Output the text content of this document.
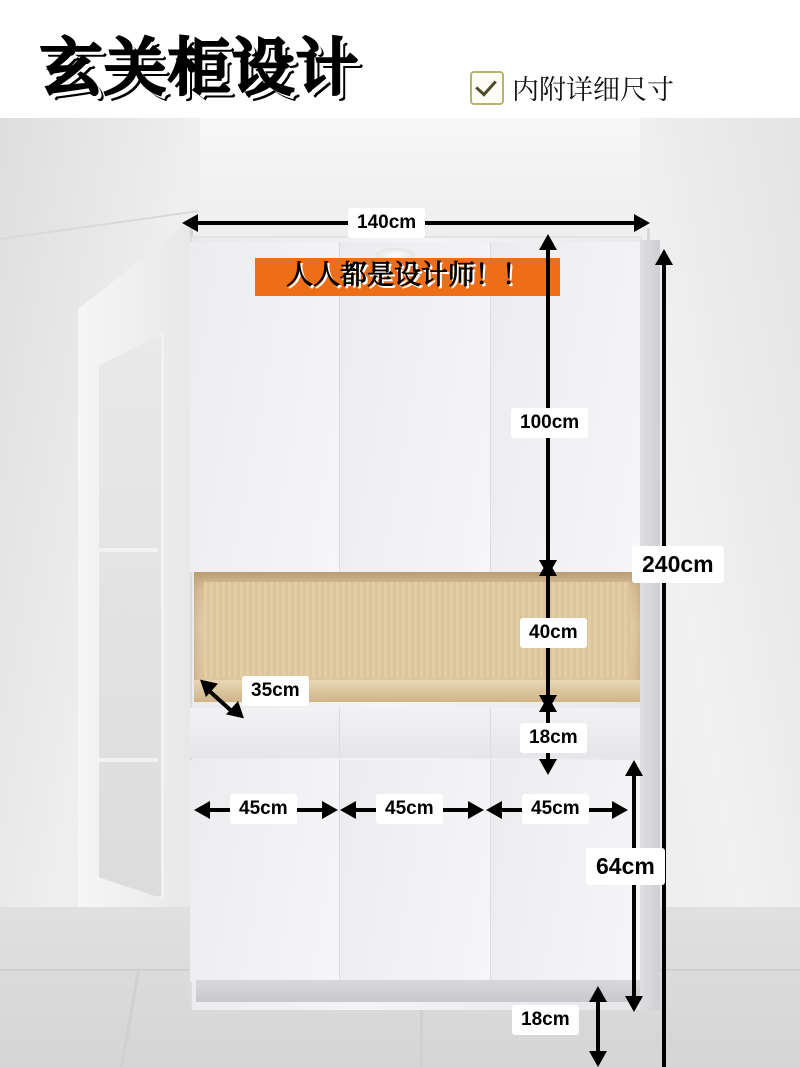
玄关柜设计	内附详细尺寸
人人都是设计师！！
140cm
100cm
240cm
40cm
35cm
18cm
45cm	45cm	45cm
64cm
18cm
